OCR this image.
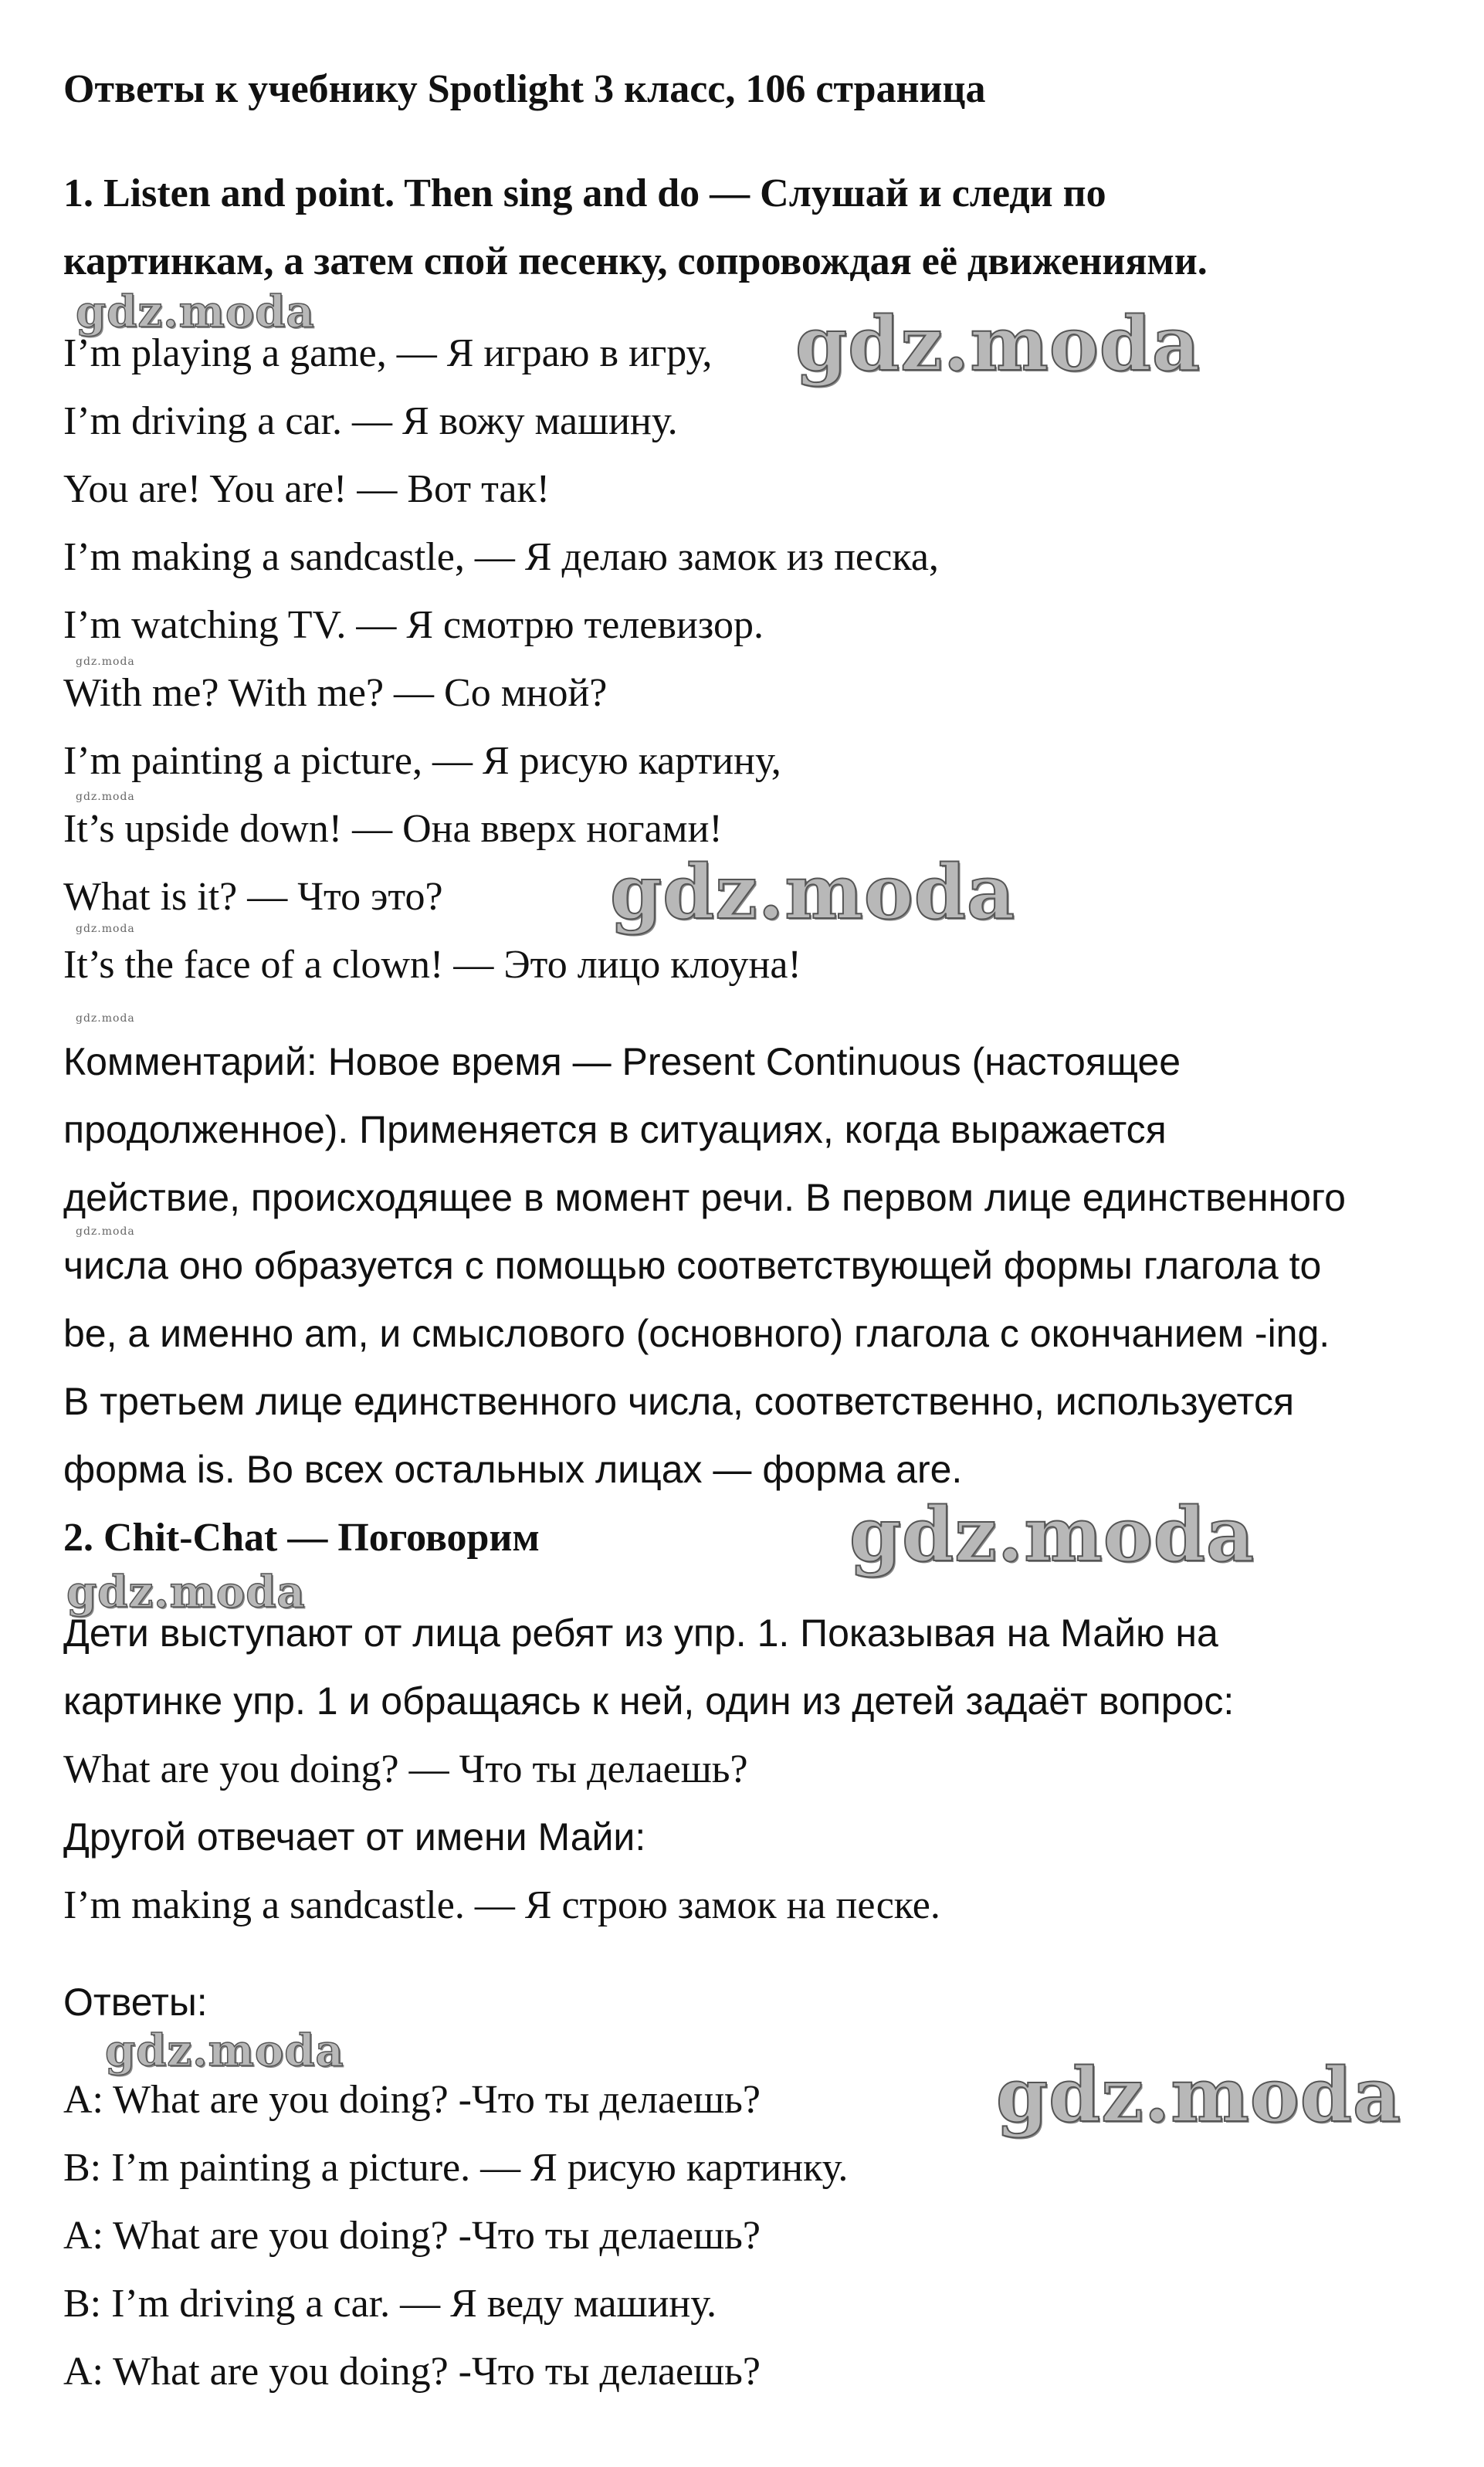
Ответы к учебнику Spotlight 3 класс, 106 страница
1. Listen and point. Then sing and do — Слушай и следи по
картинкам, а затем спой песенку, сопровождая её движениями.
I’m playing a game, — Я играю в игру,
I’m driving a car. — Я вожу машину.
You are! You are! — Вот так!
I’m making a sandcastle, — Я делаю замок из песка,
I’m watching TV. — Я смотрю телевизор.
With me? With me? — Со мной?
I’m painting a picture, — Я рисую картину,
It’s upside down! — Она вверх ногами!
What is it? — Что это?
It’s the face of a clown! — Это лицо клоуна!
Комментарий: Новое время — Present Continuous (настоящее
продолженное). Применяется в ситуациях, когда выражается
действие, происходящее в момент речи. В первом лице единственного
числа оно образуется с помощью соответствующей формы глагола to
be, а именно am, и смыслового (основного) глагола с окончанием -ing.
В третьем лице единственного числа, соответственно, используется
форма is. Во всех остальных лицах — форма are.
2. Chit-Chat — Поговорим
Дети выступают от лица ребят из упр. 1. Показывая на Майю на
картинке упр. 1 и обращаясь к ней, один из детей задаёт вопрос:
What are you doing? — Что ты делаешь?
Другой отвечает от имени Майи:
I’m making a sandcastle. — Я строю замок на песке.
Ответы:
A: What are you doing? -Что ты делаешь?
B: I’m painting a picture. — Я рисую картинку.
A: What are you doing? -Что ты делаешь?
B: I’m driving a car. — Я веду машину.
A: What are you doing? -Что ты делаешь?
gdz.moda	gdz.moda
gdz.moda
gdz.moda
gdz.moda
gdz.moda
gdz.moda
gdz.moda
gdz.moda
gdz.moda
gdz.moda
gdz.moda
